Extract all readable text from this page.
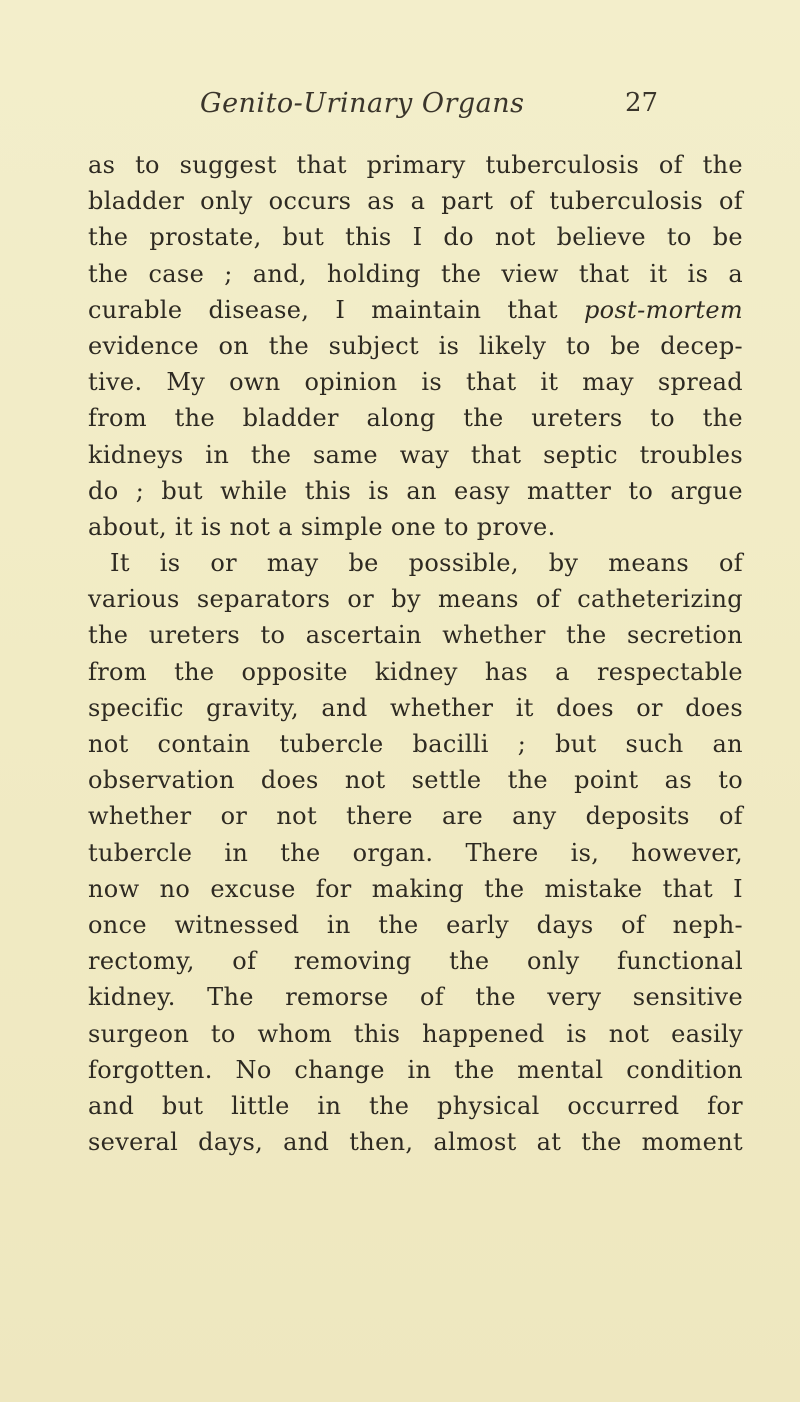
Genito-Urinary Organs	27
as to suggest that primary tuberculosis of the
bladder only occurs as a part of tuberculosis of
the prostate, but this I do not believe to be
the case ; and, holding the view that it is a
curable disease, I maintain that post-mortem
evidence on the subject is likely to be decep-
tive. My own opinion is that it may spread
from the bladder along the ureters to the
kidneys in the same way that septic troubles
do ; but while this is an easy matter to argue
about, it is not a simple one to prove.
It is or may be possible, by means of
various separators or by means of catheterizing
the ureters to ascertain whether the secretion
from the opposite kidney has a respectable
specific gravity, and whether it does or does
not contain tubercle bacilli ; but such an
observation does not settle the point as to
whether or not there are any deposits of
tubercle in the organ. There is, however,
now no excuse for making the mistake that I
once witnessed in the early days of neph-
rectomy, of removing the only functional
kidney. The remorse of the very sensitive
surgeon to whom this happened is not easily
forgotten. No change in the mental condition
and but little in the physical occurred for
several days, and then, almost at the moment
